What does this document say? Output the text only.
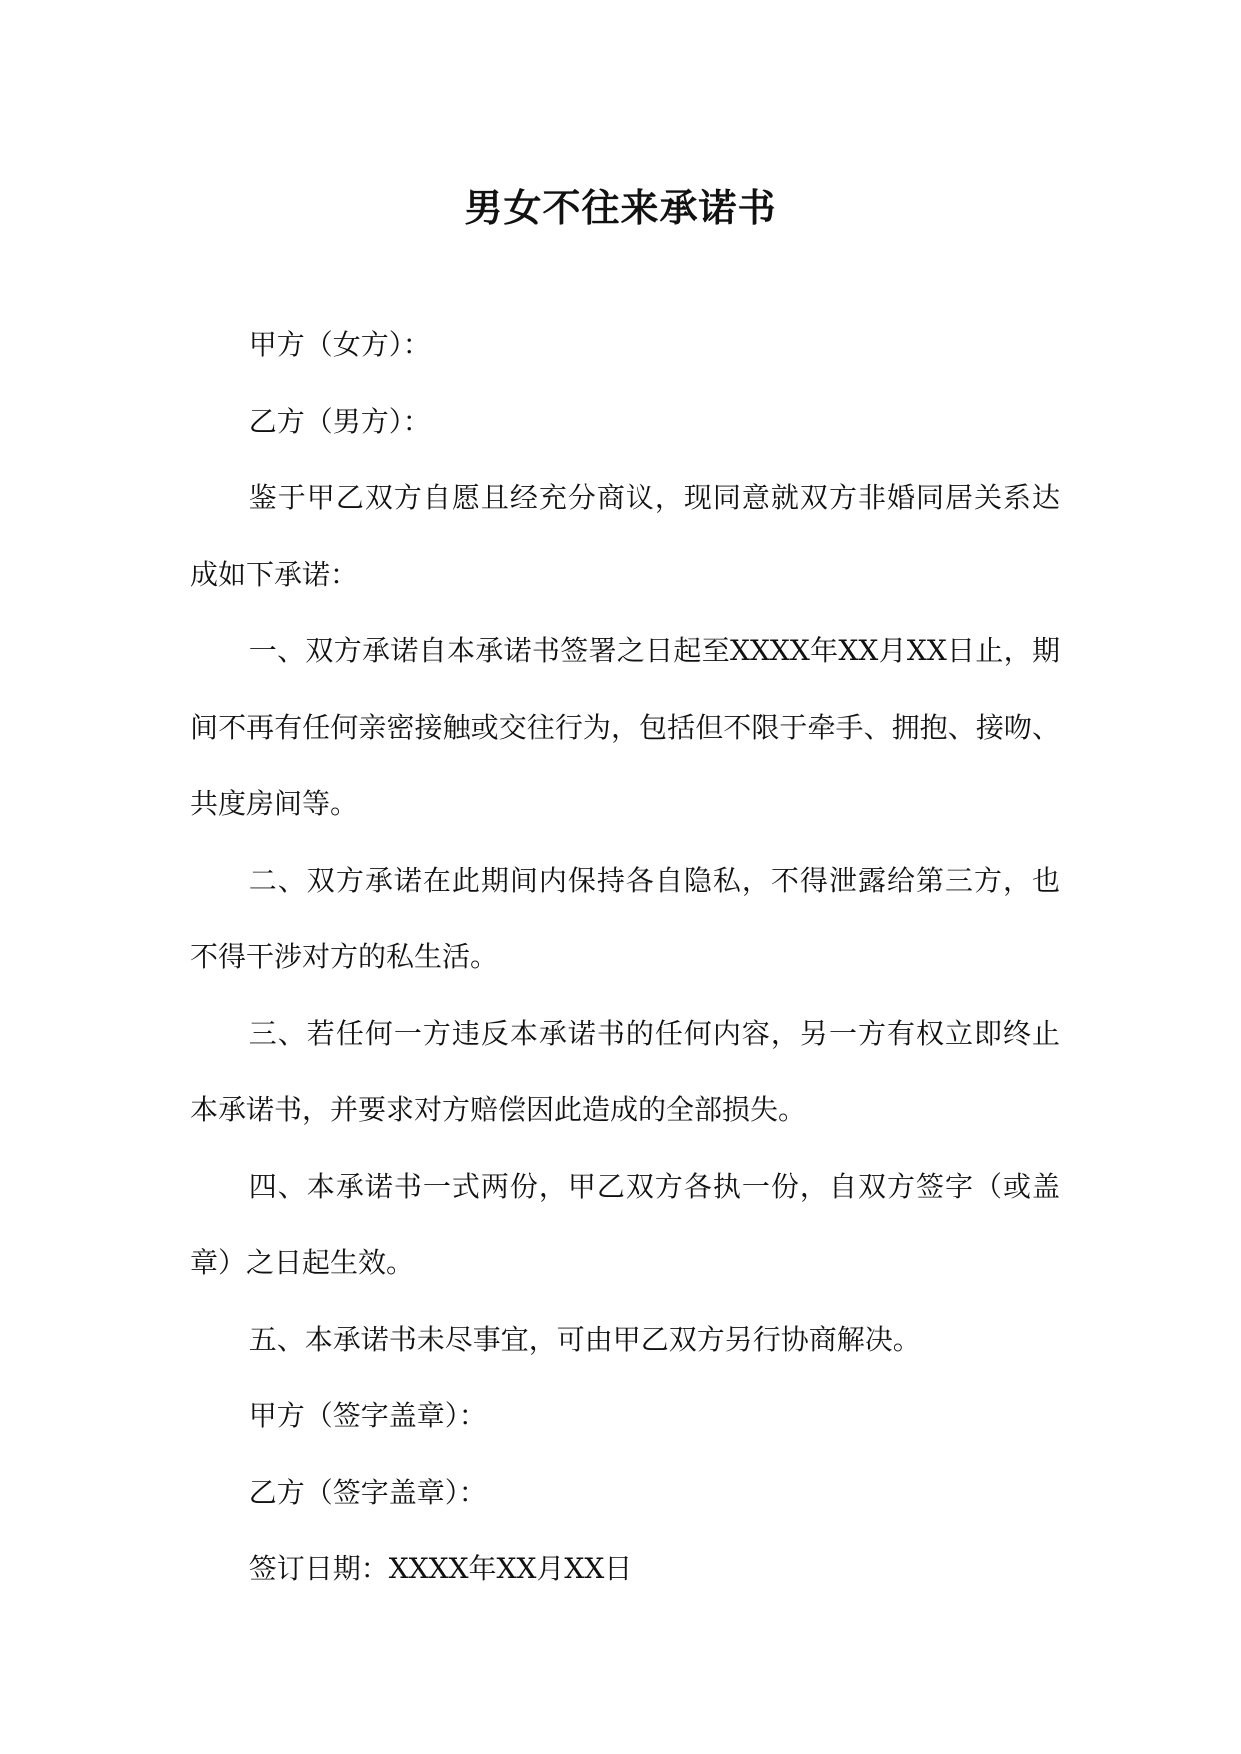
男女不往来承诺书

甲方（女方）：

乙方（男方）：

鉴于甲乙双方自愿且经充分商议，现同意就双方非婚同居关系达成如下承诺：

一、双方承诺自本承诺书签署之日起至XXXX年XX月XX日止，期间不再有任何亲密接触或交往行为，包括但不限于牵手、拥抱、接吻、共度房间等。

二、双方承诺在此期间内保持各自隐私，不得泄露给第三方，也不得干涉对方的私生活。

三、若任何一方违反本承诺书的任何内容，另一方有权立即终止本承诺书，并要求对方赔偿因此造成的全部损失。

四、本承诺书一式两份，甲乙双方各执一份，自双方签字（或盖章）之日起生效。

五、本承诺书未尽事宜，可由甲乙双方另行协商解决。

甲方（签字盖章）：

乙方（签字盖章）：

签订日期：XXXX年XX月XX日
